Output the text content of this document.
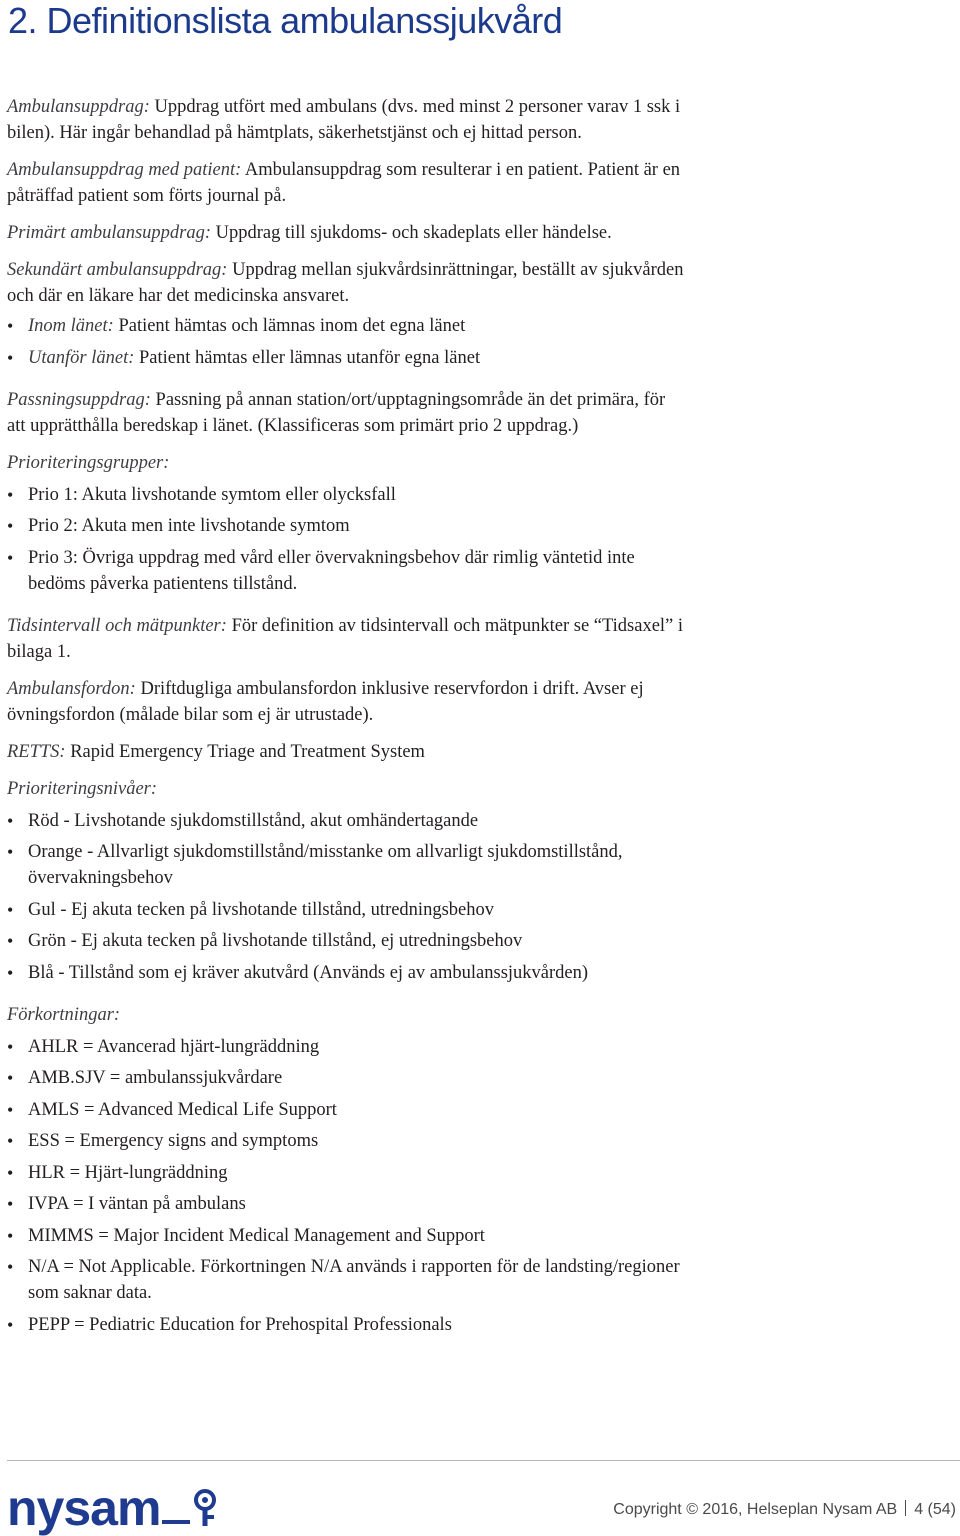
2. Definitionslista ambulanssjukvård

Ambulansuppdrag: Uppdrag utfört med ambulans (dvs. med minst 2 personer varav 1 ssk i bilen). Här ingår behandlad på hämtplats, säkerhetstjänst och ej hittad person.

Ambulansuppdrag med patient: Ambulansuppdrag som resulterar i en patient. Patient är en påträffad patient som förts journal på.

Primärt ambulansuppdrag: Uppdrag till sjukdoms- och skadeplats eller händelse.

Sekundärt ambulansuppdrag: Uppdrag mellan sjukvårdsinrättningar, beställt av sjukvården och där en läkare har det medicinska ansvaret.

• Inom länet: Patient hämtas och lämnas inom det egna länet
• Utanför länet: Patient hämtas eller lämnas utanför egna länet

Passningsuppdrag: Passning på annan station/ort/upptagningsområde än det primära, för att upprätthålla beredskap i länet. (Klassificeras som primärt prio 2 uppdrag.)

Prioriteringsgrupper:

• Prio 1: Akuta livshotande symtom eller olycksfall
• Prio 2: Akuta men inte livshotande symtom
• Prio 3: Övriga uppdrag med vård eller övervakningsbehov där rimlig väntetid inte bedöms påverka patientens tillstånd.

Tidsintervall och mätpunkter: För definition av tidsintervall och mätpunkter se “Tidsaxel” i bilaga 1.

Ambulansfordon: Driftdugliga ambulansfordon inklusive reservfordon i drift. Avser ej övningsfordon (målade bilar som ej är utrustade).

RETTS: Rapid Emergency Triage and Treatment System

Prioriteringsnivåer:

• Röd - Livshotande sjukdomstillstånd, akut omhändertagande
• Orange - Allvarligt sjukdomstillstånd/misstanke om allvarligt sjukdomstillstånd, övervakningsbehov
• Gul - Ej akuta tecken på livshotande tillstånd, utredningsbehov
• Grön - Ej akuta tecken på livshotande tillstånd, ej utredningsbehov
• Blå - Tillstånd som ej kräver akutvård (Används ej av ambulanssjukvården)

Förkortningar:

• AHLR = Avancerad hjärt-lungräddning
• AMB.SJV = ambulanssjukvårdare
• AMLS = Advanced Medical Life Support
• ESS = Emergency signs and symptoms
• HLR = Hjärt-lungräddning
• IVPA = I väntan på ambulans
• MIMMS = Major Incident Medical Management and Support
• N/A = Not Applicable. Förkortningen N/A används i rapporten för de landsting/regioner som saknar data.
• PEPP = Pediatric Education for Prehospital Professionals
nysam	Copyright © 2016, Helseplan Nysam AB 4 (54)
